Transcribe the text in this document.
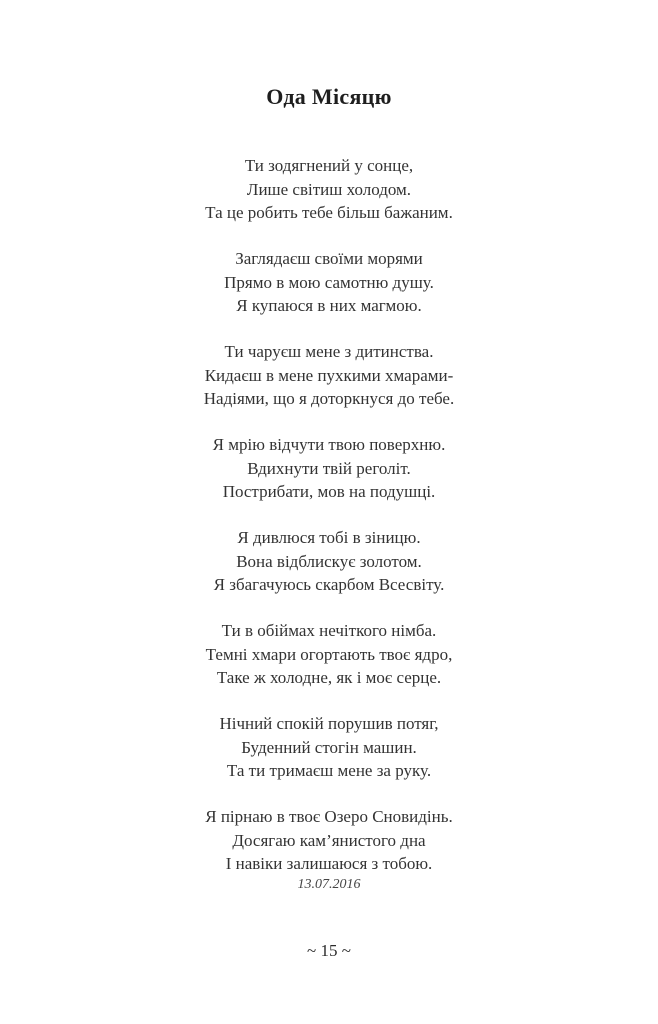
Ода Місяцю
Ти зодягнений у сонце,
Лише світиш холодом.
Та це робить тебе більш бажаним.
Заглядаєш своїми морями
Прямо в мою самотню душу.
Я купаюся в них магмою.
Ти чаруєш мене з дитинства.
Кидаєш в мене пухкими хмарами-
Надіями, що я доторкнуся до тебе.
Я мрію відчути твою поверхню.
Вдихнути твій реголіт.
Пострибати, мов на подушці.
Я дивлюся тобі в зіницю.
Вона відблискує золотом.
Я збагачуюсь скарбом Всесвіту.
Ти в обіймах нечіткого німба.
Темні хмари огортають твоє ядро,
Таке ж холодне, як і моє серце.
Нічний спокій порушив потяг,
Буденний стогін машин.
Та ти тримаєш мене за руку.
Я пірнаю в твоє Озеро Сновидінь.
Досягаю кам’янистого дна
І навіки залишаюся з тобою.
13.07.2016
~ 15 ~
